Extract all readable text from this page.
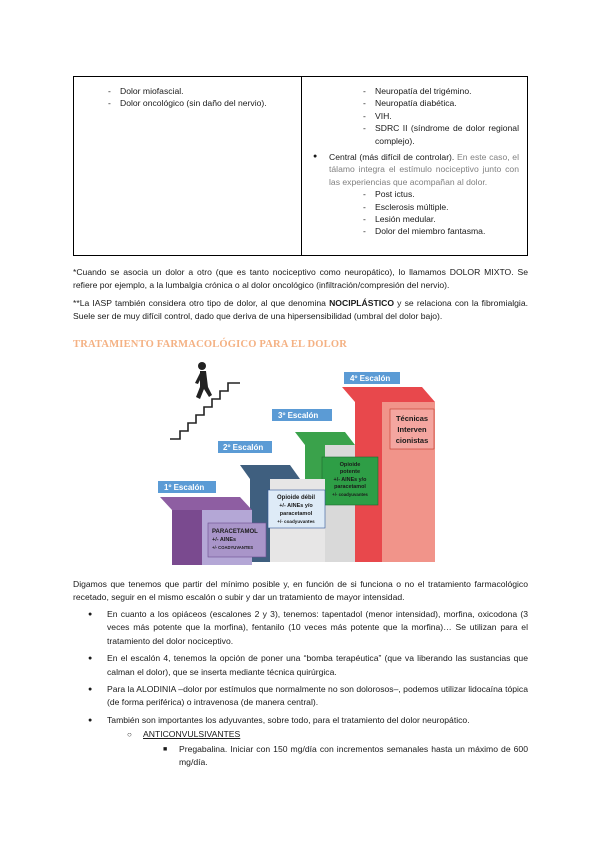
- Dolor miofascial.
- Dolor oncológico (sin daño del nervio).
- Neuropatía del trigémino.
- Neuropatía diabética.
- VIH.
- SDRC II (síndrome de dolor regional complejo).
● Central (más difícil de controlar). En este caso, el tálamo integra el estímulo nociceptivo junto con las experiencias que acompañan al dolor.
- Post ictus.
- Esclerosis múltiple.
- Lesión medular.
- Dolor del miembro fantasma.
*Cuando se asocia un dolor a otro (que es tanto nociceptivo como neuropático), lo llamamos DOLOR MIXTO. Se refiere por ejemplo, a la lumbalgia crónica o al dolor oncológico (infiltración/compresión del nervio).
**La IASP también considera otro tipo de dolor, al que denomina NOCIPLÁSTICO y se relaciona con la fibromialgia. Suele ser de muy difícil control, dado que deriva de una hipersensibilidad (umbral del dolor bajo).
TRATAMIENTO FARMACOLÓGICO PARA EL DOLOR
1º Escalón
2º Escalón
3º Escalón
4º Escalón
PARACETAMOL
+/- AINEs
+/- COADYUVANTES
Opioide débil
+/- AINEs y/o
paracetamol
+/- coadyuvantes
Opioide
potente
+/- AINEs y/o
paracetamol
+/- coadyuvantes
Técnicas
Interven
cionistas
Digamos que tenemos que partir del mínimo posible y, en función de si funciona o no el tratamiento farmacológico recetado, seguir en el mismo escalón o subir y dar un tratamiento de mayor intensidad.
● En cuanto a los opiáceos (escalones 2 y 3), tenemos: tapentadol (menor intensidad), morfina, oxicodona (3 veces más potente que la morfina), fentanilo (10 veces más potente que la morfina)… Se utilizan para el tratamiento del dolor nociceptivo.
● En el escalón 4, tenemos la opción de poner una “bomba terapéutica” (que va liberando las sustancias que calman el dolor), que se inserta mediante técnica quirúrgica.
● Para la ALODINIA –dolor por estímulos que normalmente no son dolorosos–, podemos utilizar lidocaína tópica (de forma periférica) o intravenosa (de manera central).
● También son importantes los adyuvantes, sobre todo, para el tratamiento del dolor neuropático.
○ ANTICONVULSIVANTES
■ Pregabalina. Iniciar con 150 mg/día con incrementos semanales hasta un máximo de 600 mg/día.
